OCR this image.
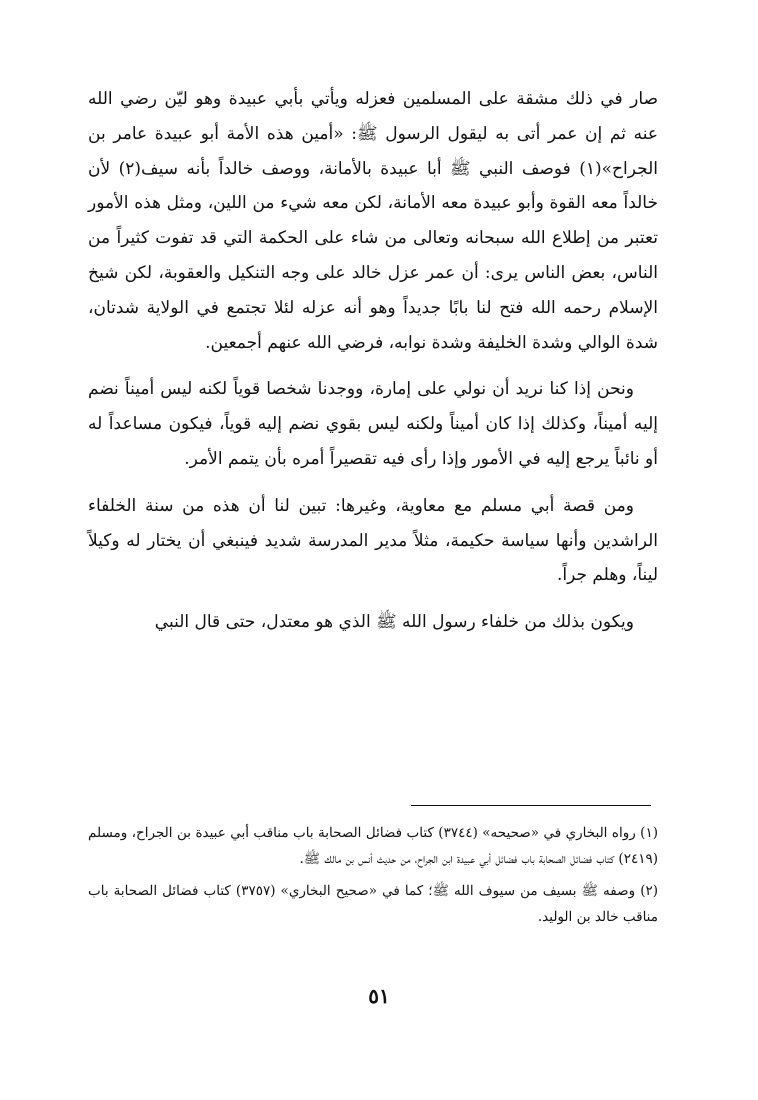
صار في ذلك مشقة على المسلمين فعزله ويأتي بأبي عبيدة وهو ليّن رضي الله عنه ثم إن عمر أتى به ليقول الرسول ﷺ: «أمين هذه الأمة أبو عبيدة عامر بن الجراح»(١) فوصف النبي ﷺ أبا عبيدة بالأمانة، ووصف خالداً بأنه سيف(٢) لأن خالداً معه القوة وأبو عبيدة معه الأمانة، لكن معه شيء من اللين، ومثل هذه الأمور تعتبر من إطلاع الله سبحانه وتعالى من شاء على الحكمة التي قد تفوت كثيراً من الناس، بعض الناس يرى: أن عمر عزل خالد على وجه التنكيل والعقوبة، لكن شيخ الإسلام رحمه الله فتح لنا بابًا جديداً وهو أنه عزله لئلا تجتمع في الولاية شدتان، شدة الوالي وشدة الخليفة وشدة نوابه، فرضي الله عنهم أجمعين.

ونحن إذا كنا نريد أن نولي على إمارة، ووجدنا شخصا قوياً لكنه ليس أميناً نضم إليه أميناً، وكذلك إذا كان أميناً ولكنه ليس بقوي نضم إليه قوياً، فيكون مساعداً له أو نائباً يرجع إليه في الأمور وإذا رأى فيه تقصيراً أمره بأن يتمم الأمر.

ومن قصة أبي مسلم مع معاوية، وغيرها: تبين لنا أن هذه من سنة الخلفاء الراشدين وأنها سياسة حكيمة، مثلاً مدير المدرسة شديد فينبغي أن يختار له وكيلاً ليناً، وهلم جراً.

ويكون بذلك من خلفاء رسول الله ﷺ الذي هو معتدل، حتى قال النبي

(١) رواه البخاري في «صحيحه» (٣٧٤٤) كتاب فضائل الصحابة باب مناقب أبي عبيدة بن الجراح، ومسلم (٢٤١٩) كتاب فضائل الصحابة باب فضائل أبي عبيدة ابن الجراح، من حديث أنس بن مالك ﷺ.

(٢) وصفه ﷺ بسيف من سيوف الله ﷺ؛ كما في «صحيح البخاري» (٣٧٥٧) كتاب فضائل الصحابة باب مناقب خالد بن الوليد.

٥١
